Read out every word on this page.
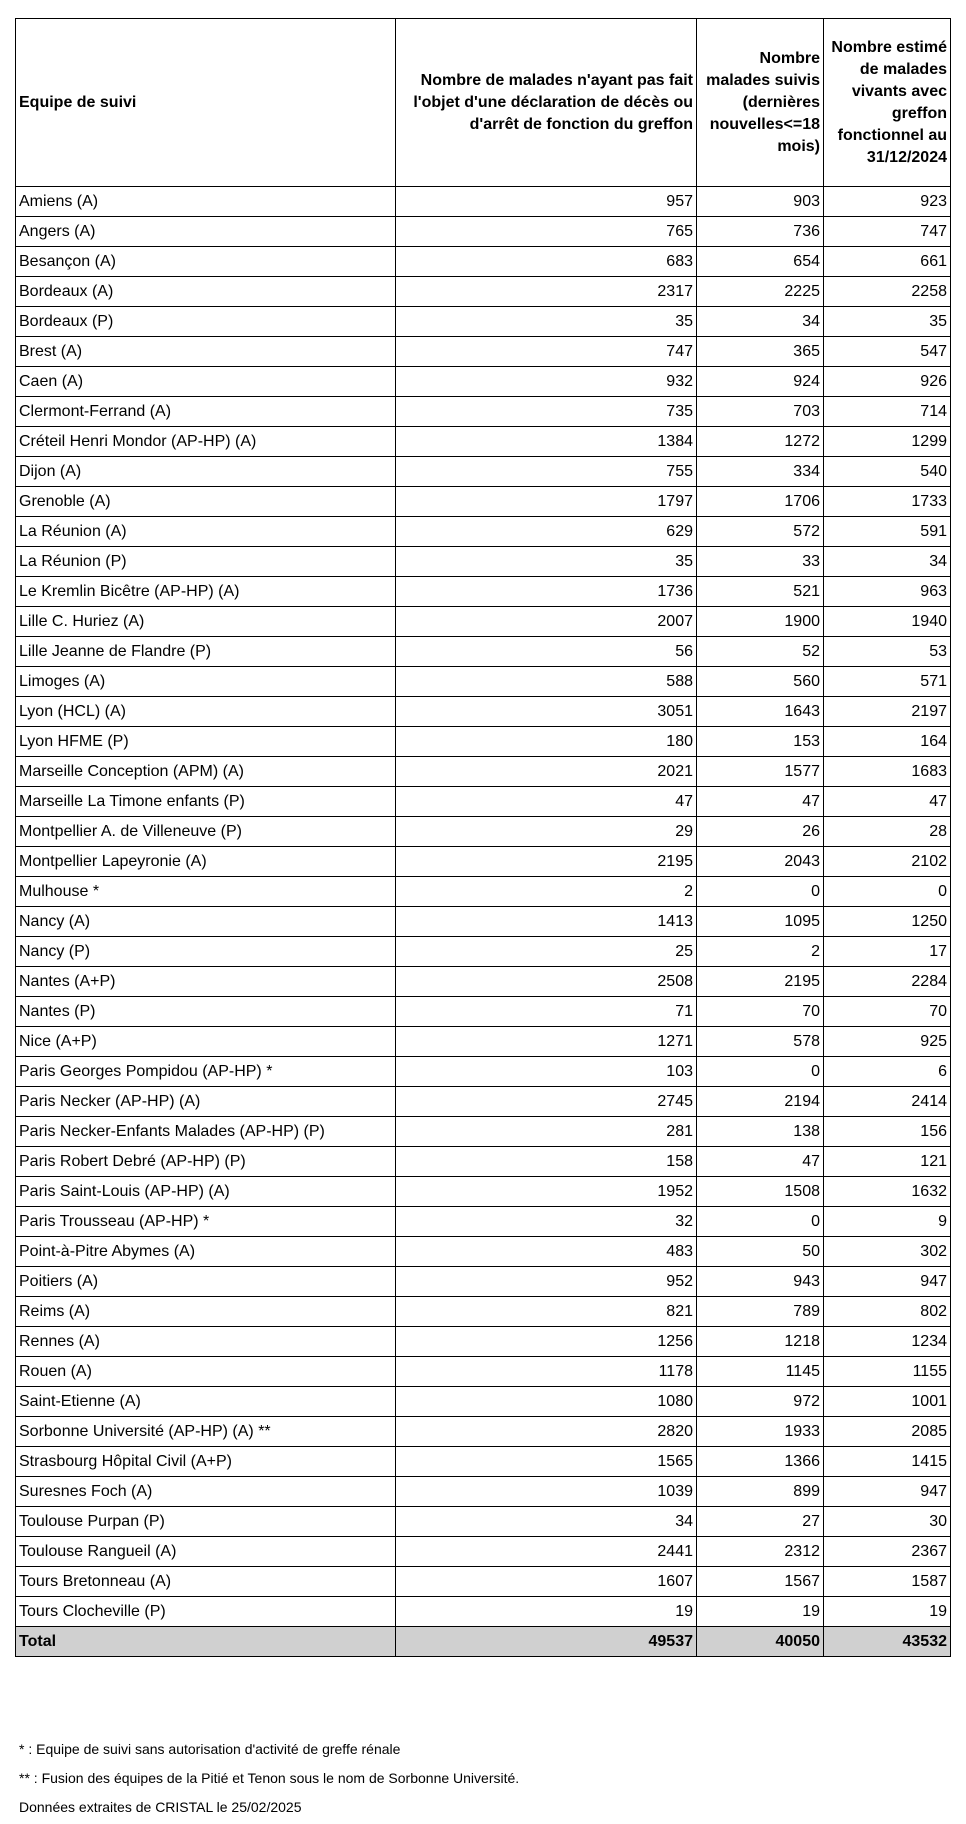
Equipe de suivi	Nombre de malades n'ayant pas fait l'objet d'une déclaration de décès ou d'arrêt de fonction du greffon	Nombre malades suivis (dernières nouvelles<=18 mois)	Nombre estimé de malades vivants avec greffon fonctionnel au 31/12/2024
Amiens (A)	957	903	923
Angers (A)	765	736	747
Besançon (A)	683	654	661
Bordeaux (A)	2317	2225	2258
Bordeaux (P)	35	34	35
Brest (A)	747	365	547
Caen (A)	932	924	926
Clermont-Ferrand (A)	735	703	714
Créteil Henri Mondor (AP-HP) (A)	1384	1272	1299
Dijon (A)	755	334	540
Grenoble (A)	1797	1706	1733
La Réunion (A)	629	572	591
La Réunion (P)	35	33	34
Le Kremlin Bicêtre (AP-HP) (A)	1736	521	963
Lille C. Huriez (A)	2007	1900	1940
Lille Jeanne de Flandre (P)	56	52	53
Limoges (A)	588	560	571
Lyon (HCL) (A)	3051	1643	2197
Lyon HFME (P)	180	153	164
Marseille Conception (APM) (A)	2021	1577	1683
Marseille La Timone enfants (P)	47	47	47
Montpellier A. de Villeneuve (P)	29	26	28
Montpellier Lapeyronie (A)	2195	2043	2102
Mulhouse *	2	0	0
Nancy (A)	1413	1095	1250
Nancy (P)	25	2	17
Nantes (A+P)	2508	2195	2284
Nantes (P)	71	70	70
Nice (A+P)	1271	578	925
Paris Georges Pompidou (AP-HP) *	103	0	6
Paris Necker (AP-HP) (A)	2745	2194	2414
Paris Necker-Enfants Malades (AP-HP) (P)	281	138	156
Paris Robert Debré (AP-HP) (P)	158	47	121
Paris Saint-Louis (AP-HP) (A)	1952	1508	1632
Paris Trousseau (AP-HP) *	32	0	9
Point-à-Pitre Abymes (A)	483	50	302
Poitiers (A)	952	943	947
Reims (A)	821	789	802
Rennes (A)	1256	1218	1234
Rouen (A)	1178	1145	1155
Saint-Etienne (A)	1080	972	1001
Sorbonne Université (AP-HP) (A) **	2820	1933	2085
Strasbourg Hôpital Civil (A+P)	1565	1366	1415
Suresnes Foch (A)	1039	899	947
Toulouse Purpan (P)	34	27	30
Toulouse Rangueil (A)	2441	2312	2367
Tours Bretonneau (A)	1607	1567	1587
Tours Clocheville (P)	19	19	19
Total	49537	40050	43532
* : Equipe de suivi sans autorisation d'activité de greffe rénale
** : Fusion des équipes de la Pitié et Tenon sous le nom de Sorbonne Université.
Données extraites de CRISTAL le 25/02/2025
